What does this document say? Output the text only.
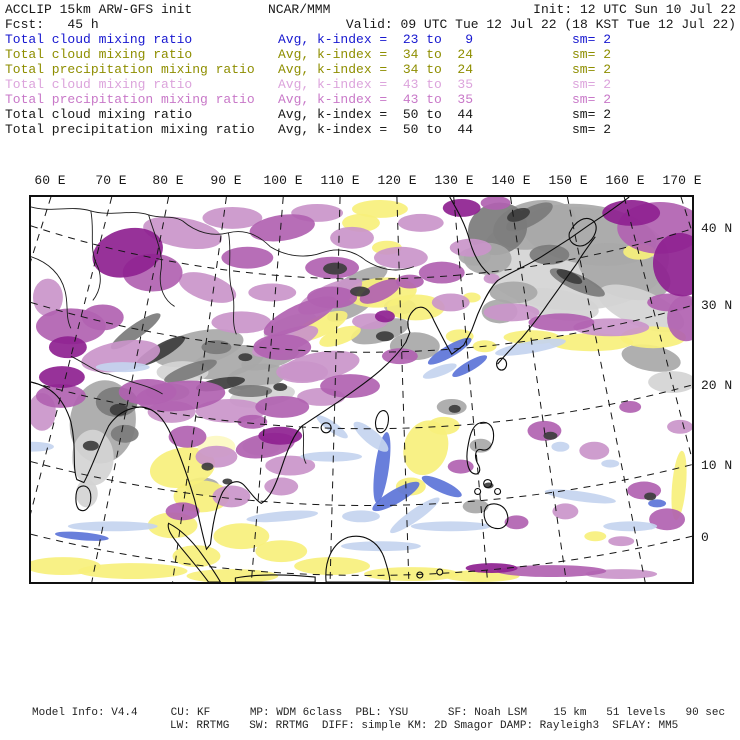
ACCLIP 15km ARW-GFS init	NCAR/MMM	Init: 12 UTC Sun 10 Jul 22
Fcst:   45 h	Valid: 09 UTC Tue 12 Jul 22 (18 KST Tue 12 Jul 22)
Total cloud mixing ratio	Avg, k-index =  23 to   9	sm= 2
Total cloud mixing ratio	Avg, k-index =  34 to  24	sm= 2
Total precipitation mixing ratio Avg, k-index =  34 to  24	sm= 2
Total cloud mixing ratio	Avg, k-index =  43 to  35	sm= 2
Total precipitation mixing ratio Avg, k-index =  43 to  35	sm= 2
Total cloud mixing ratio	Avg, k-index =  50 to  44	sm= 2
Total precipitation mixing ratio Avg, k-index =  50 to  44	sm= 2
60 E 70 E 80 E 90 E 100 E 110 E 120 E 130 E 140 E 150 E 160 E 170 E
40 N
30 N
20 N
10 N
0
Model Info: V4.4     CU: KF      MP: WDM 6class  PBL: YSU      SF: Noah LSM    15 km   51 levels   90 sec
LW: RRTMG   SW: RRTMG  DIFF: simple KM: 2D Smagor DAMP: Rayleigh3  SFLAY: MM5
